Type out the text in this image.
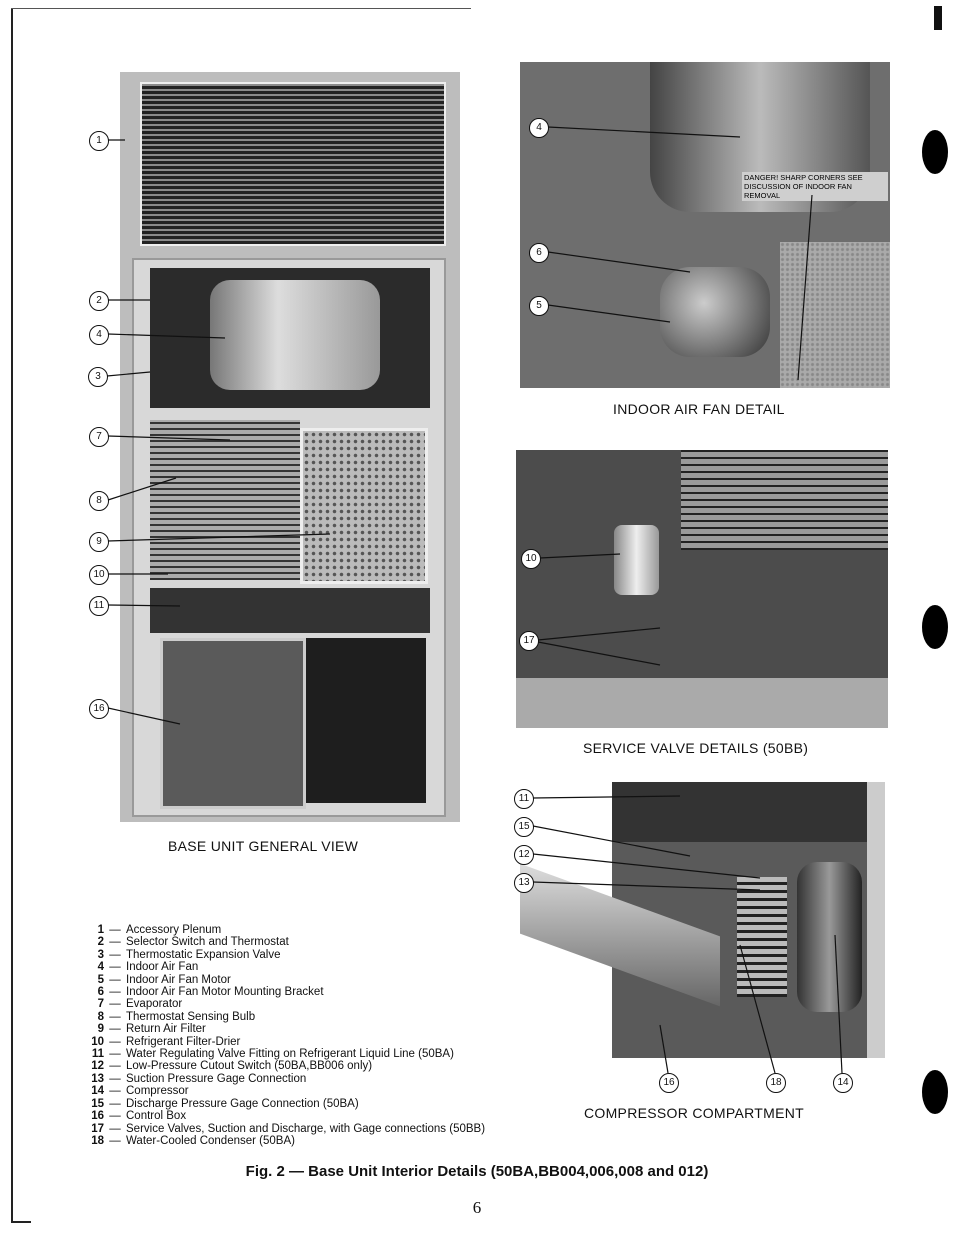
BASE UNIT GENERAL VIEW
DANGER! SHARP CORNERS SEE DISCUSSION OF INDOOR FAN REMOVAL
INDOOR AIR FAN DETAIL
SERVICE VALVE DETAILS (50BB)
COMPRESSOR COMPARTMENT
1
2
4
3
7
8
9
10
11
16
4
6
5
10
17
11
15
12
13
16	18	14
1 — Accessory Plenum
2 — Selector Switch and Thermostat
3 — Thermostatic Expansion Valve
4 — Indoor Air Fan
5 — Indoor Air Fan Motor
6 — Indoor Air Fan Motor Mounting Bracket
7 — Evaporator
8 — Thermostat Sensing Bulb
9 — Return Air Filter
10 — Refrigerant Filter-Drier
11 — Water Regulating Valve Fitting on Refrigerant Liquid Line (50BA)
12 — Low-Pressure Cutout Switch (50BA,BB006 only)
13 — Suction Pressure Gage Connection
14 — Compressor
15 — Discharge Pressure Gage Connection (50BA)
16 — Control Box
17 — Service Valves, Suction and Discharge, with Gage connections (50BB)
18 — Water-Cooled Condenser (50BA)
Fig. 2 — Base Unit Interior Details (50BA,BB004,006,008 and 012)
6
